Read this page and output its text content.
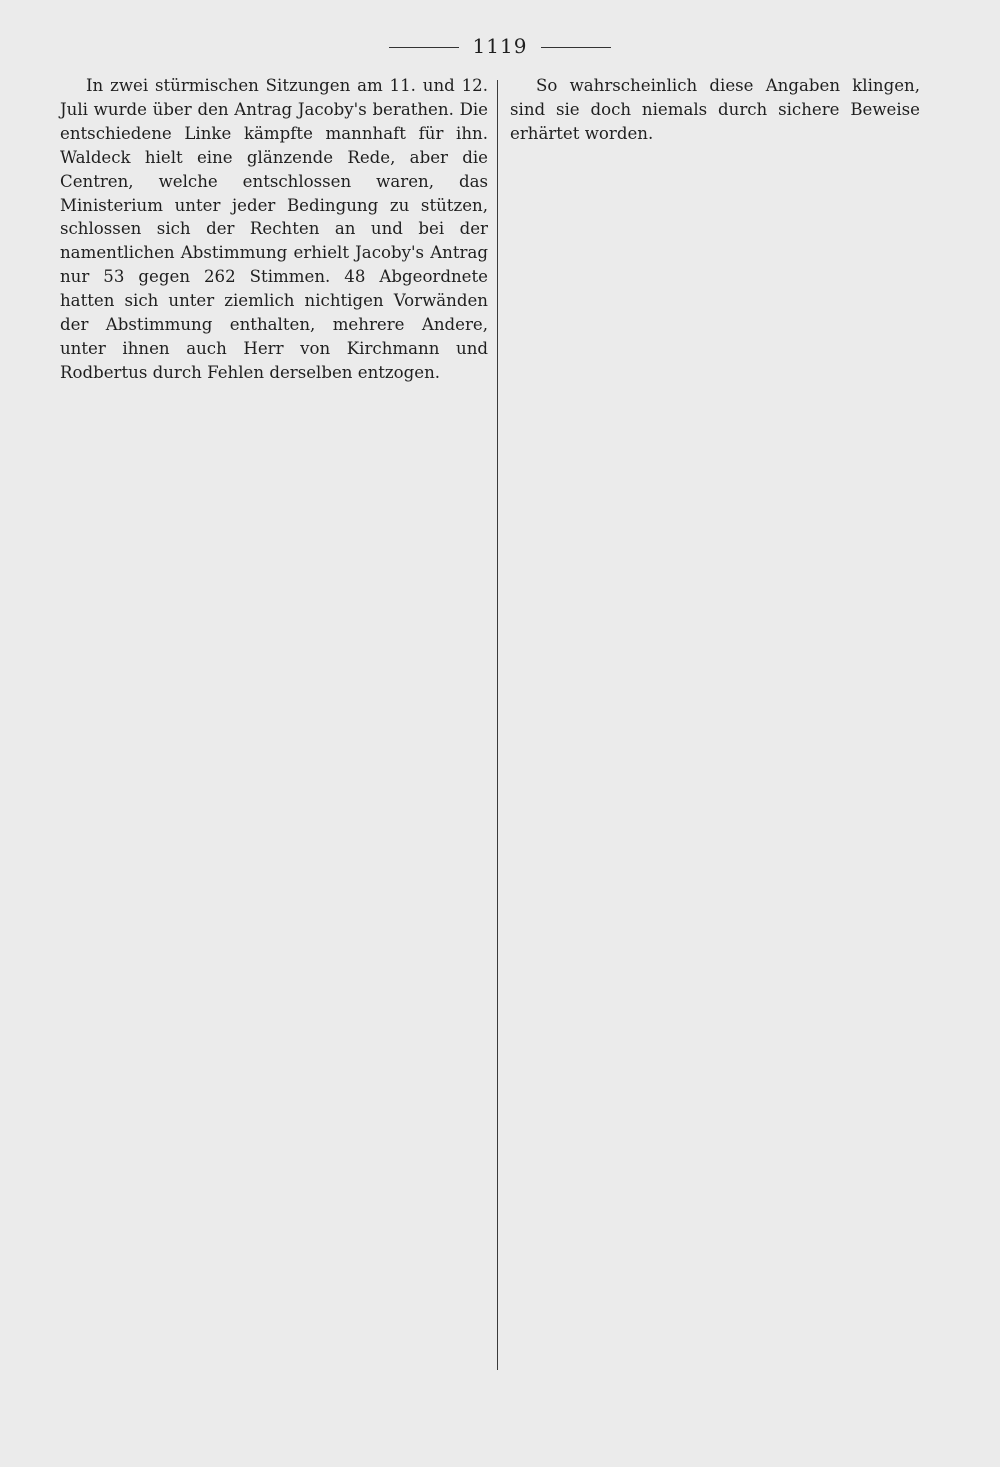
1119

In zwei stürmischen Sitzungen am 11. und 12. Juli wurde über den Antrag Jacoby's berathen. Die entschiedene Linke kämpfte mannhaft für ihn. Waldeck hielt eine glänzende Rede, aber die Centren, welche entschlossen waren, das Ministerium unter jeder Bedingung zu stützen, schlossen sich der Rechten an und bei der namentlichen Abstimmung erhielt Jacoby's Antrag nur 53 gegen 262 Stimmen. 48 Abgeordnete hatten sich unter ziemlich nichtigen Vorwänden der Abstimmung enthalten, mehrere Andere, unter ihnen auch Herr von Kirchmann und Rodbertus durch Fehlen derselben entzogen.

So wahrscheinlich diese Angaben klingen, sind sie doch niemals durch sichere Beweise erhärtet worden.
